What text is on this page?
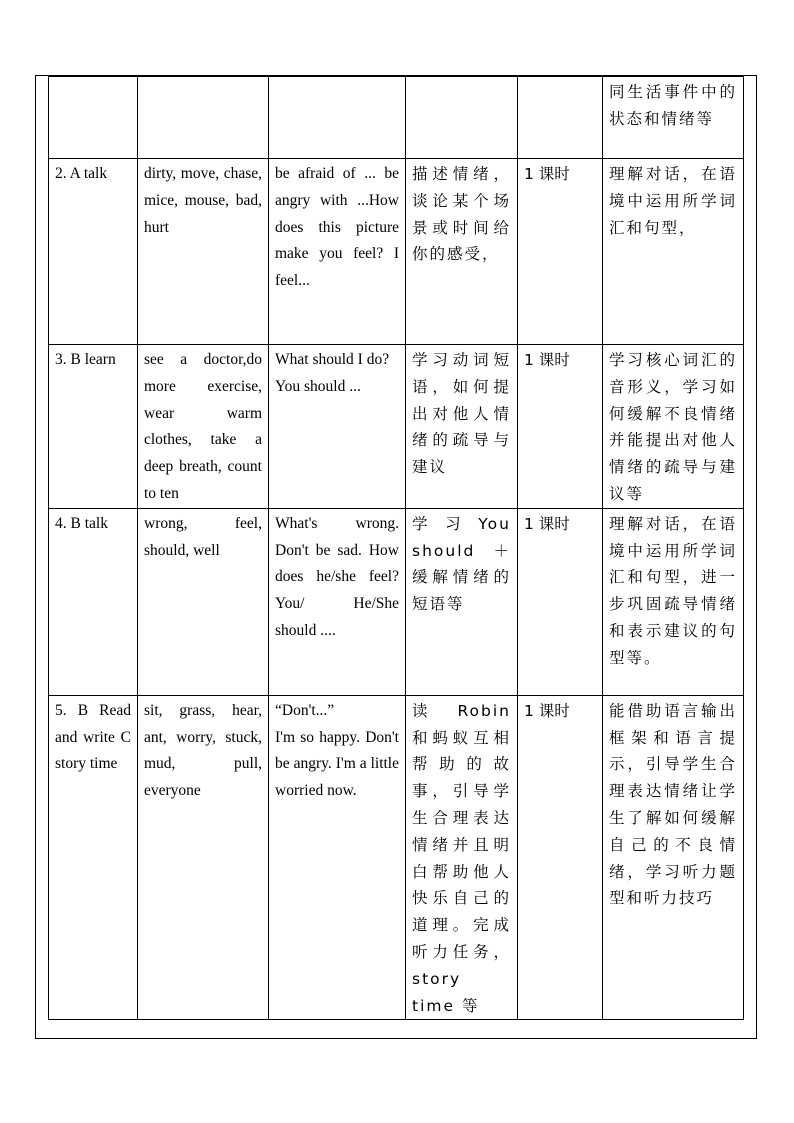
					同生活事件中的状态和情绪等
2. A talk	dirty, move, chase, mice, mouse, bad, hurt	be afraid of ... be angry with ...How does this picture make you feel? I feel...	描述情绪，谈论某个场景或时间给你的感受，	1 课时	理解对话，在语境中运用所学词汇和句型，
3. B learn	see a doctor,do more exercise, wear warm clothes, take a deep breath, count to ten	What should I do?
You should ...	学习动词短语，如何提出对他人情绪的疏导与建议	1 课时	学习核心词汇的音形义，学习如何缓解不良情绪并能提出对他人情绪的疏导与建议等
4. B talk	wrong, feel, should, well	What's wrong. Don't be sad. How does he/she feel?You/ He/She should ....	学 习 You should ＋缓解情绪的短语等	1 课时	理解对话，在语境中运用所学词汇和句型，进一步巩固疏导情绪和表示建议的句型等。
5. B Read and write C story time	sit, grass, hear, ant, worry, stuck, mud, pull, everyone	“Don't...”
I'm so happy. Don't be angry. I'm a little worried now.	读 Robin 和蚂蚁互相帮助的故事，引导学生合理表达情绪并且明白帮助他人快乐自己的道理。完成听力任务， story time 等	1 课时	能借助语言输出框架和语言提示，引导学生合理表达情绪让学生了解如何缓解自己的不良情绪，学习听力题型和听力技巧
